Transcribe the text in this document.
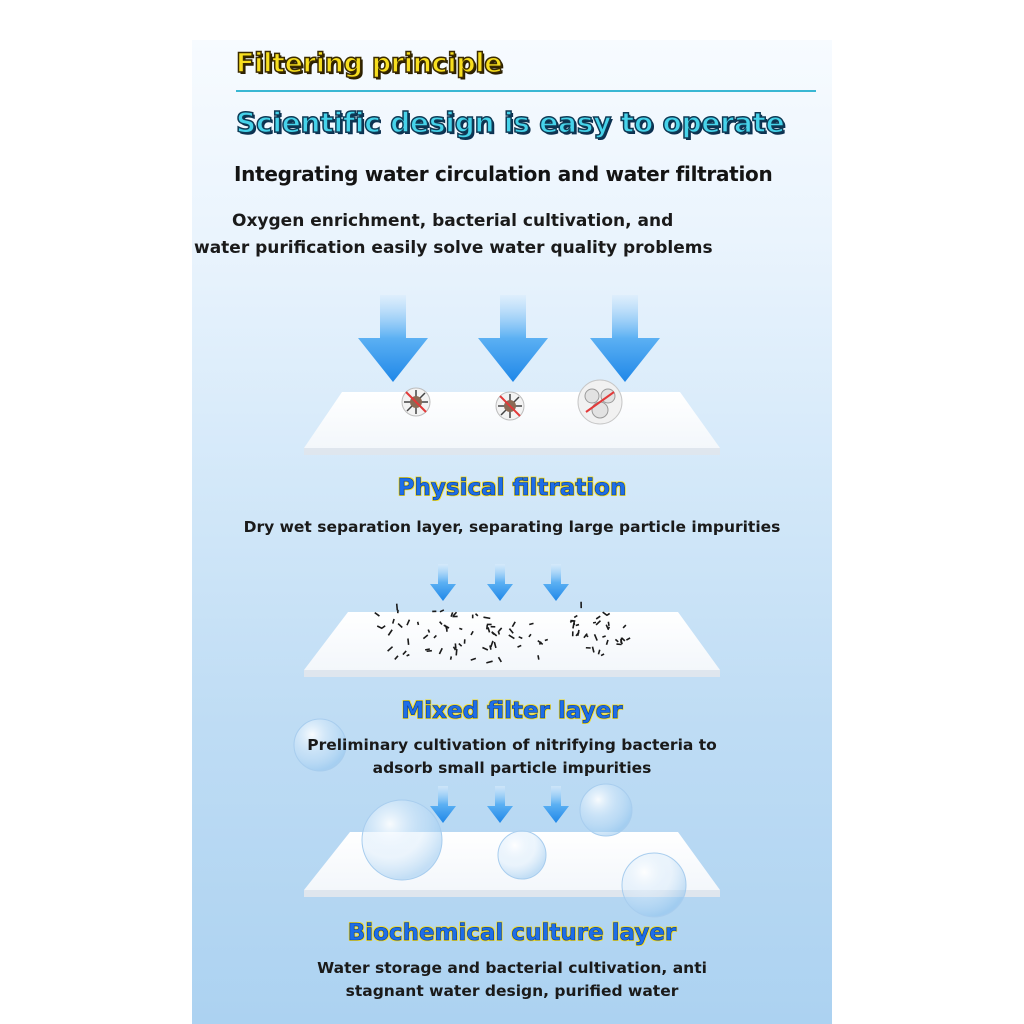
Filtering principle
Scientific design is easy to operate
Integrating water circulation and water filtration
Oxygen enrichment, bacterial cultivation, and
water purification easily solve water quality problems
Physical filtration
Dry wet separation layer, separating large particle impurities
Mixed filter layer
Preliminary cultivation of nitrifying bacteria to
adsorb small particle impurities
Biochemical culture layer
Water storage and bacterial cultivation, anti
stagnant water design, purified water
